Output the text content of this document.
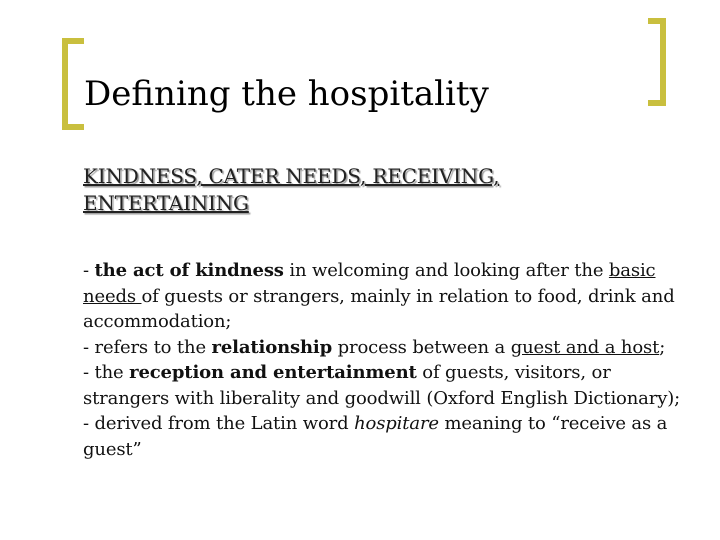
Defining the hospitality
KINDNESS, CATER NEEDS, RECEIVING, ENTERTAINING

- the act of kindness in welcoming and looking after the basic needs of guests or strangers, mainly in relation to food, drink and accommodation;

- refers to the relationship process between a guest and a host;

- the reception and entertainment of guests, visitors, or strangers with liberality and goodwill (Oxford English Dictionary);

- derived from the Latin word hospitare meaning to “receive as a guest”
